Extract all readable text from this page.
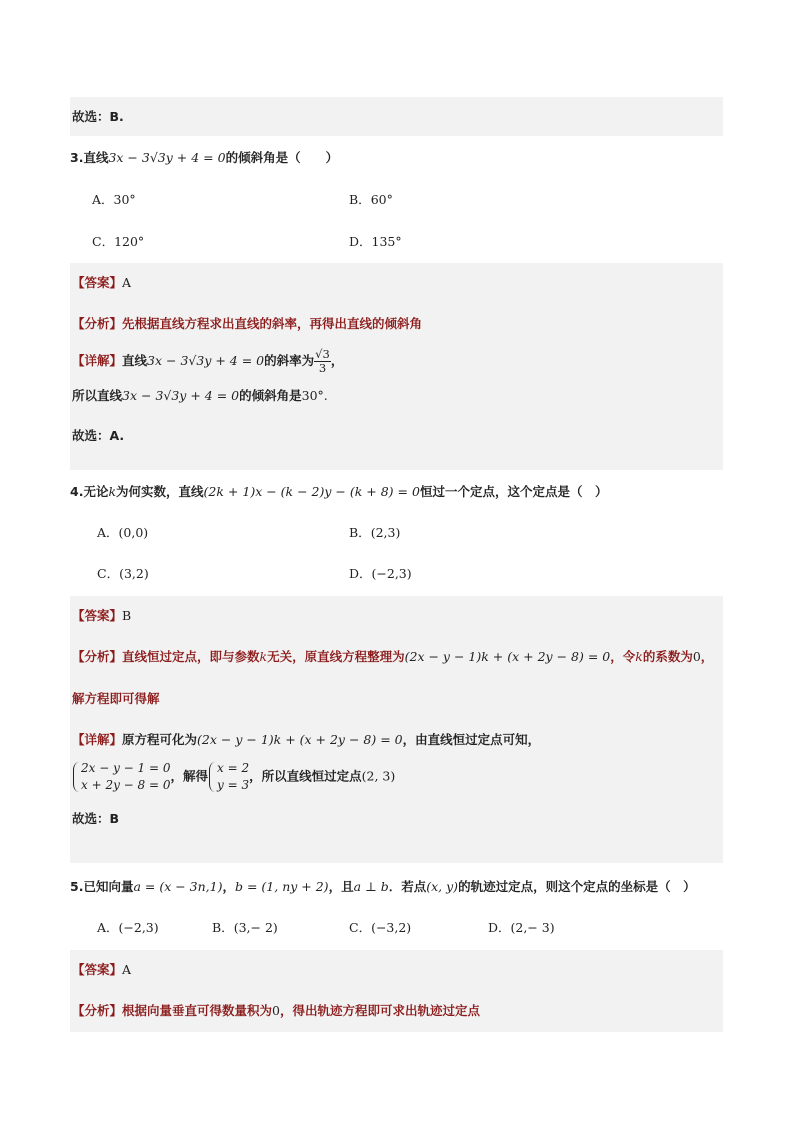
故选：B.
3.直线3x − 3√3y + 4 = 0的倾斜角是（　　）
A．30°	B．60°
C．120°	D．135°
【答案】A
【分析】先根据直线方程求出直线的斜率，再得出直线的倾斜角
【详解】直线3x − 3√3y + 4 = 0的斜率为 $\frac{√3}{3}$ ，
所以直线3x − 3√3y + 4 = 0的倾斜角是30°.
故选：A.
4.无论k为何实数，直线(2k + 1)x − (k − 2)y − (k + 8) = 0恒过一个定点，这个定点是（　）
A．(0,0)	B．(2,3)
C．(3,2)	D．(−2,3)
【答案】B
【分析】直线恒过定点，即与参数k无关，原直线方程整理为(2x − y − 1)k + (x + 2y − 8) = 0，令k的系数为0，
解方程即可得解
【详解】原方程可化为(2x − y − 1)k + (x + 2y − 8) = 0，由直线恒过定点可知，
2x − y − 1 = 0
x + 2y − 8 = 0
，解得
x = 2
y = 3
，所以直线恒过定点(2, 3)
故选：B
5.已知向量a = (x − 3n,1)，b = (1, ny + 2)，且a ⊥ b．若点(x, y)的轨迹过定点，则这个定点的坐标是（　）
A．(−2,3)	B．(3,− 2)	C．(−3,2)	D．(2,− 3)
【答案】A
【分析】根据向量垂直可得数量积为0，得出轨迹方程即可求出轨迹过定点
